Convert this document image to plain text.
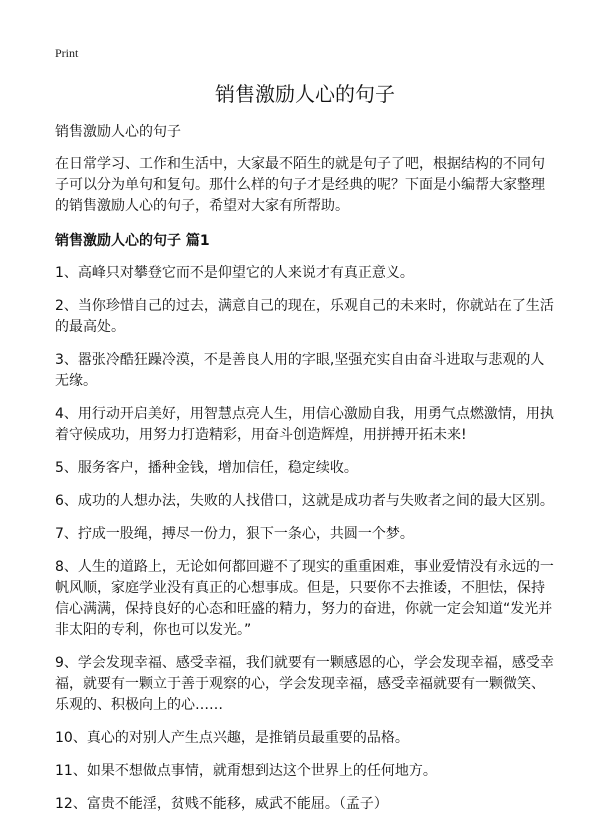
Print
销售激励人心的句子

销售激励人心的句子

在日常学习、工作和生活中，大家最不陌生的就是句子了吧，根据结构的不同句子可以分为单句和复句。那什么样的句子才是经典的呢？下面是小编帮大家整理的销售激励人心的句子，希望对大家有所帮助。

销售激励人心的句子 篇1

1、高峰只对攀登它而不是仰望它的人来说才有真正意义。

2、当你珍惜自己的过去，满意自己的现在，乐观自己的未来时，你就站在了生活的最高处。

3、嚣张冷酷狂躁冷漠，不是善良人用的字眼,坚强充实自由奋斗进取与悲观的人无缘。

4、用行动开启美好，用智慧点亮人生，用信心激励自我，用勇气点燃激情，用执着守候成功，用努力打造精彩，用奋斗创造辉煌，用拼搏开拓未来!

5、服务客户，播种金钱，增加信任，稳定续收。

6、成功的人想办法，失败的人找借口，这就是成功者与失败者之间的最大区别。

7、拧成一股绳，搏尽一份力，狠下一条心，共圆一个梦。

8、人生的道路上，无论如何都回避不了现实的重重困难，事业爱情没有永远的一帆风顺，家庭学业没有真正的心想事成。但是，只要你不去推诿，不胆怯，保持信心满满，保持良好的心态和旺盛的精力，努力的奋进，你就一定会知道“发光并非太阳的专利，你也可以发光。”

9、学会发现幸福、感受幸福，我们就要有一颗感恩的心，学会发现幸福，感受幸福，就要有一颗立于善于观察的心，学会发现幸福，感受幸福就要有一颗微笑、乐观的、积极向上的心……

10、真心的对别人产生点兴趣，是推销员最重要的品格。

11、如果不想做点事情，就甭想到达这个世界上的任何地方。

12、富贵不能淫，贫贱不能移，威武不能屈。（孟子）
